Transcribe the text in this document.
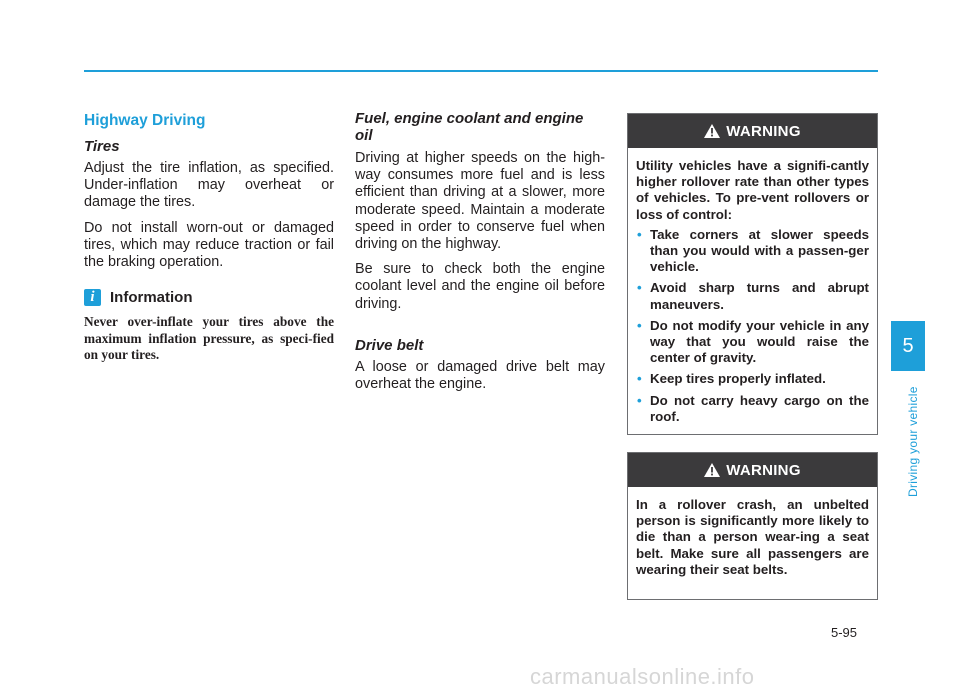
Highway Driving
Tires

Adjust the tire inflation, as specified. Under-inflation may overheat or damage the tires.

Do not install worn-out or damaged tires, which may reduce traction or fail the braking operation.

i	Information

Never over-inflate your tires above the maximum inflation pressure, as speci-fied on your tires.

Fuel, engine coolant and engine oil

Driving at higher speeds on the high-way consumes more fuel and is less efficient than driving at a slower, more moderate speed. Maintain a moderate speed in order to conserve fuel when driving on the highway.

Be sure to check both the engine coolant level and the engine oil before driving.

Drive belt

A loose or damaged drive belt may overheat the engine.

WARNING
Utility vehicles have a signifi-cantly higher rollover rate than other types of vehicles. To pre-vent rollovers or loss of control:
• Take corners at slower speeds than you would with a passen-ger vehicle.
• Avoid sharp turns and abrupt maneuvers.
• Do not modify your vehicle in any way that you would raise the center of gravity.
• Keep tires properly inflated.
• Do not carry heavy cargo on the roof.
WARNING
In a rollover crash, an unbelted person is significantly more likely to die than a person wear-ing a seat belt. Make sure all passengers are wearing their seat belts.
5
Driving your vehicle
5-95
carmanualsonline.info
